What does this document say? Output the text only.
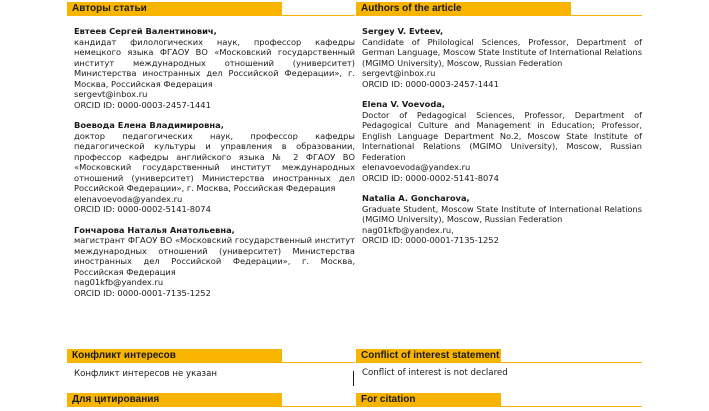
Авторы статьи
Евтеев Сергей Валентинович,
кандидат филологических наук, профессор кафедры немецкого языка ФГАОУ ВО «Московский государственный институт международных отношений (университет) Министерства иностранных дел Российской Федерации», г. Москва, Российская Федерация
sergevt@inbox.ru
ORCID ID: 0000-0003-2457-1441
Воевода Елена Владимировна,
доктор педагогических наук, профессор кафедры педагогической культуры и управления в образовании, профессор кафедры английского языка № 2 ФГАОУ ВО «Московский государственный институт международных отношений (университет) Министерства иностранных дел Российской Федерации», г. Москва, Российская Федерация
elenavoevoda@yandex.ru
ORCID ID: 0000-0002-5141-8074
Гончарова Наталья Анатольевна,
магистрант ФГАОУ ВО «Московский государственный институт международных отношений (университет) Министерства иностранных дел Российской Федерации», г. Москва, Российская Федерация
nag01kfb@yandex.ru
ORCID ID: 0000-0001-7135-1252
Authors of the article
Sergey V. Evteev,
Candidate of Philological Sciences, Professor, Department of German Language, Moscow State Institute of International Relations (MGIMO University), Moscow, Russian Federation
sergevt@inbox.ru
ORCID ID: 0000-0003-2457-1441
Elena V. Voevoda,
Doctor of Pedagogical Sciences, Professor, Department of Pedagogical Culture and Management in Education; Professor, English Language Department No.2, Moscow State Institute of International Relations (MGIMO University), Moscow, Russian Federation
elenavoevoda@yandex.ru
ORCID ID: 0000-0002-5141-8074
Natalia A. Goncharova,
Graduate Student, Moscow State Institute of International Relations (MGIMO University), Moscow, Russian Federation
nag01kfb@yandex.ru,
ORCID ID: 0000-0001-7135-1252
Конфликт интересов
Конфликт интересов не указан
Conflict of interest statement
Conflict of interest is not declared
Для цитирования	For citation
